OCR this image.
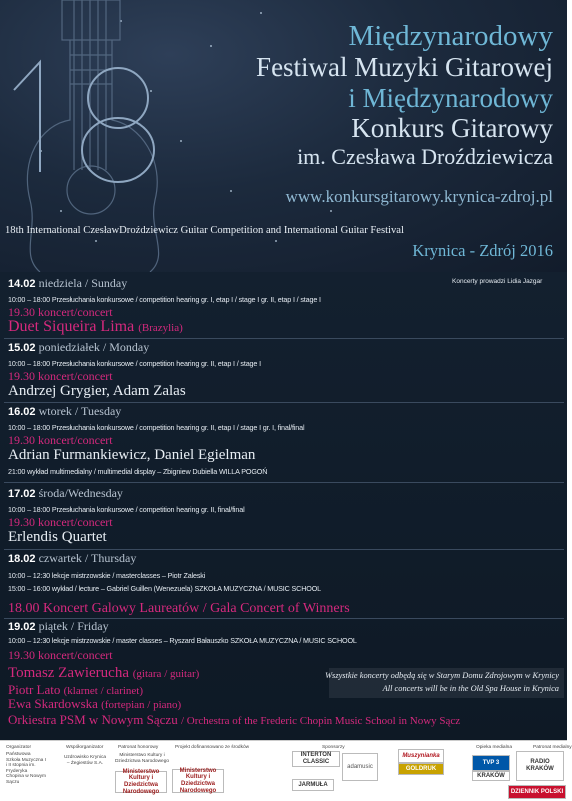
Międzynarodowy
Festiwal Muzyki Gitarowej
i Międzynarodowy
Konkurs Gitarowy
im. Czesława Droździewicza
www.konkursgitarowy.krynica-zdroj.pl
18th International CzesławDroździewicz Guitar Competition and International Guitar Festival
Krynica - Zdrój 2016
Koncerty prowadzi Lidia Jazgar
14.02 niedziela / Sunday
10:00 – 18:00 Przesłuchania konkursowe / competition hearing gr. I, etap I / stage I gr. II, etap I / stage I
19.30 koncert/concert
Duet Siqueira Lima (Brazylia)
15.02 poniedziałek / Monday
10:00 – 18:00 Przesłuchania konkursowe / competition hearing gr. II, etap I / stage I
19.30 koncert/concert
Andrzej Grygier, Adam Zalas
16.02 wtorek / Tuesday
10:00 – 18:00 Przesłuchania konkursowe / competition hearing gr. II, etap I / stage I gr. I, final/final
19.30 koncert/concert
Adrian Furmankiewicz, Daniel Egielman
21:00 wykład multimedialny / multimedial display – Zbigniew Dubiella WILLA POGOŃ
17.02 środa/Wednesday
10:00 – 18:00 Przesłuchania konkursowe / competition hearing gr. II, final/final
19.30 koncert/concert
Erlendis Quartet
18.02 czwartek / Thursday
10:00 – 12:30 lekcje mistrzowskie / masterclasses – Piotr Zaleski
15:00 – 16:00 wykład / lecture – Gabriel Guillen (Wenezuela) SZKOŁA MUZYCZNA / MUSIC SCHOOL
18.00 Koncert Galowy Laureatów / Gala Concert of Winners
19.02 piątek / Friday
10:00 – 12:30 lekcje mistrzowskie / master classes – Ryszard Bałauszko SZKOŁA MUZYCZNA / MUSIC SCHOOL
19.30 koncert/concert
Tomasz Zawierucha (gitara / guitar)
Piotr Lato (klarnet / clarinet)
Ewa Skardowska (fortepian / piano)
Orkiestra PSM w Nowym Sączu / Orchestra of the Frederic Chopin Music School in Nowy Sącz
Wszystkie koncerty odbędą się w Starym Domu Zdrojowym w Krynicy
All concerts will be in the Old Spa House in Krynica
Organizator
Państwowa Szkoła Muzyczna I i II stopnia im. Fryderyka Chopina w Nowym Sączu
Współorganizator
Uzdrowisko Krynica – Żegiestów S.A.
Patronat honorowy
Ministerstwo Kultury i Dziedzictwa Narodowego
Projekt dofinansowano ze środków	Sponsorzy	Opieka medialna	Patronat medialny
Ministerstwo Kultury i Dziedzictwa Narodowego
Ministerstwo Kultury i Dziedzictwa Narodowego
INTERTON CLASSIC
adamusic
Muszynianka
GOLDRUK
JARMUŁA
TVP 3
KRAKÓW
RADIO KRAKÓW
DZIENNIK POLSKI
